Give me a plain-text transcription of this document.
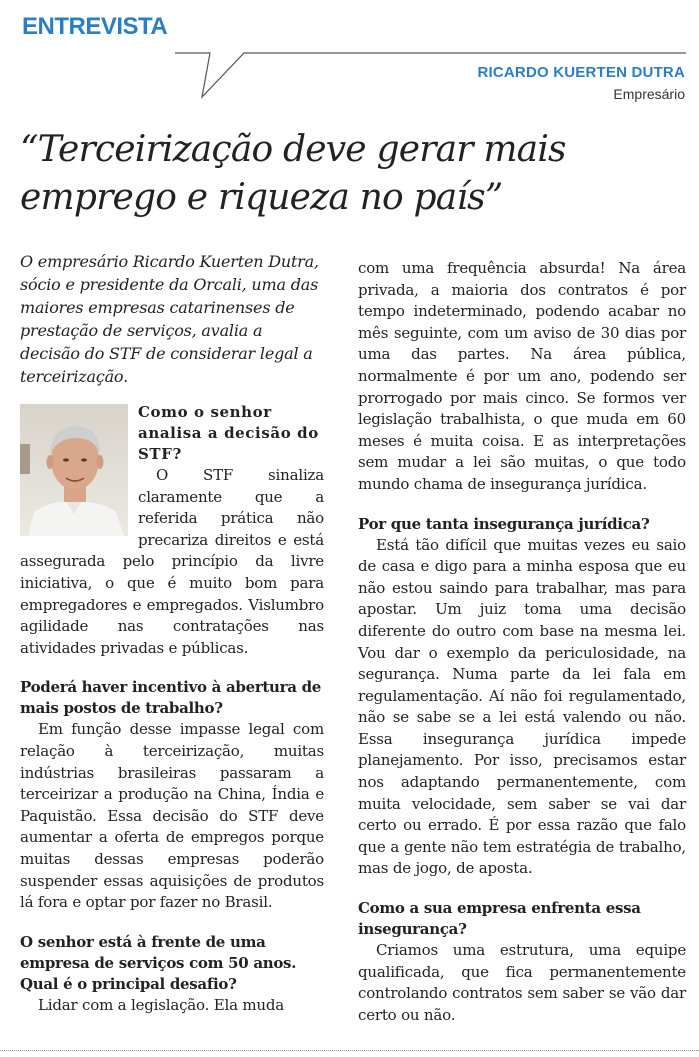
ENTREVISTA
RICARDO KUERTEN DUTRA
Empresário
“Terceirização deve gerar mais emprego e riqueza no país”

O empresário Ricardo Kuerten Dutra, sócio e presidente da Orcali, uma das maiores empresas catarinenses de prestação de serviços, avalia a decisão do STF de considerar legal a terceirização.

Como o senhor analisa a decisão do STF?

O STF sinaliza claramente que a referida prática não precariza direitos e está assegurada pelo princípio da livre iniciativa, o que é muito bom para empregadores e empregados. Vislumbro agilidade nas contratações nas atividades privadas e públicas.

Poderá haver incentivo à abertura de mais postos de trabalho?

Em função desse impasse legal com relação à terceirização, muitas indústrias brasileiras passaram a terceirizar a produção na China, Índia e Paquistão. Essa decisão do STF deve aumentar a oferta de empregos porque muitas dessas empresas poderão suspender essas aquisições de produtos lá fora e optar por fazer no Brasil.

O senhor está à frente de uma empresa de serviços com 50 anos. Qual é o principal desafio?

Lidar com a legislação. Ela muda

com uma frequência absurda! Na área privada, a maioria dos contratos é por tempo indeterminado, podendo acabar no mês seguinte, com um aviso de 30 dias por uma das partes. Na área pública, normalmente é por um ano, podendo ser prorrogado por mais cinco. Se formos ver legislação trabalhista, o que muda em 60 meses é muita coisa. E as interpretações sem mudar a lei são muitas, o que todo mundo chama de insegurança jurídica.

Por que tanta insegurança jurídica?

Está tão difícil que muitas vezes eu saio de casa e digo para a minha esposa que eu não estou saindo para trabalhar, mas para apostar. Um juiz toma uma decisão diferente do outro com base na mesma lei. Vou dar o exemplo da periculosidade, na segurança. Numa parte da lei fala em regulamentação. Aí não foi regulamentado, não se sabe se a lei está valendo ou não. Essa insegurança jurídica impede planejamento. Por isso, precisamos estar nos adaptando permanentemente, com muita velocidade, sem saber se vai dar certo ou errado. É por essa razão que falo que a gente não tem estratégia de trabalho, mas de jogo, de aposta.

Como a sua empresa enfrenta essa insegurança?

Criamos uma estrutura, uma equipe qualificada, que fica permanentemente controlando contratos sem saber se vão dar certo ou não.
